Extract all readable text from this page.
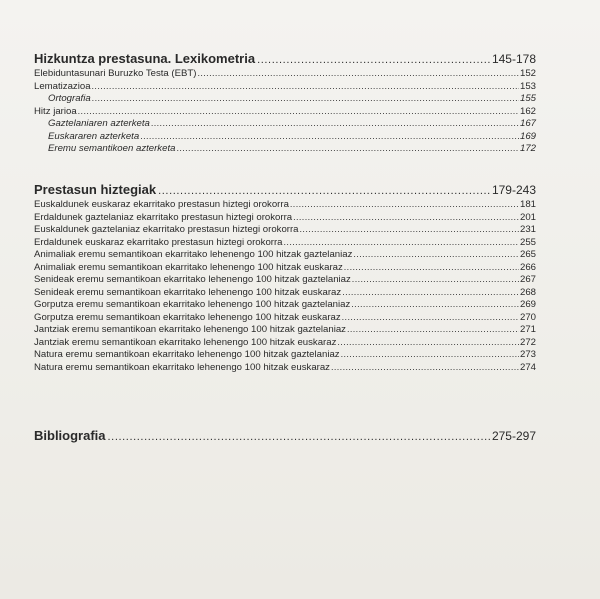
Hizkuntza prestasuna. Lexikometria .....	145-178
Elebiduntasunari Buruzko Testa (EBT) .....	152
Lematizazioa .....	153
Ortografia .....	155
Hitz jarioa .....	162
Gaztelaniaren azterketa .....	167
Euskararen azterketa .....	169
Eremu semantikoen azterketa .....	172
Prestasun hiztegiak .....	179-243
Euskaldunek euskaraz ekarritako prestasun hiztegi orokorra .....	181
Erdaldunek gaztelaniaz ekarritako prestasun hiztegi orokorra .....	201
Euskaldunek gaztelaniaz ekarritako prestasun hiztegi orokorra .....	231
Erdaldunek euskaraz ekarritako prestasun hiztegi orokorra .....	255
Animaliak eremu semantikoan ekarritako lehenengo 100 hitzak gaztelaniaz .....	265
Animaliak eremu semantikoan ekarritako lehenengo 100 hitzak euskaraz .....	266
Senideak eremu semantikoan ekarritako lehenengo 100 hitzak gaztelaniaz .....	267
Senideak eremu semantikoan ekarritako lehenengo 100 hitzak euskaraz .....	268
Gorputza eremu semantikoan ekarritako lehenengo 100 hitzak gaztelaniaz .....	269
Gorputza eremu semantikoan ekarritako lehenengo 100 hitzak euskaraz .....	270
Jantziak eremu semantikoan ekarritako lehenengo 100 hitzak gaztelaniaz .....	271
Jantziak eremu semantikoan ekarritako lehenengo 100 hitzak euskaraz .....	272
Natura eremu semantikoan ekarritako lehenengo 100 hitzak gaztelaniaz .....	273
Natura eremu semantikoan ekarritako lehenengo 100 hitzak euskaraz .....	274
Bibliografia .....	275-297
